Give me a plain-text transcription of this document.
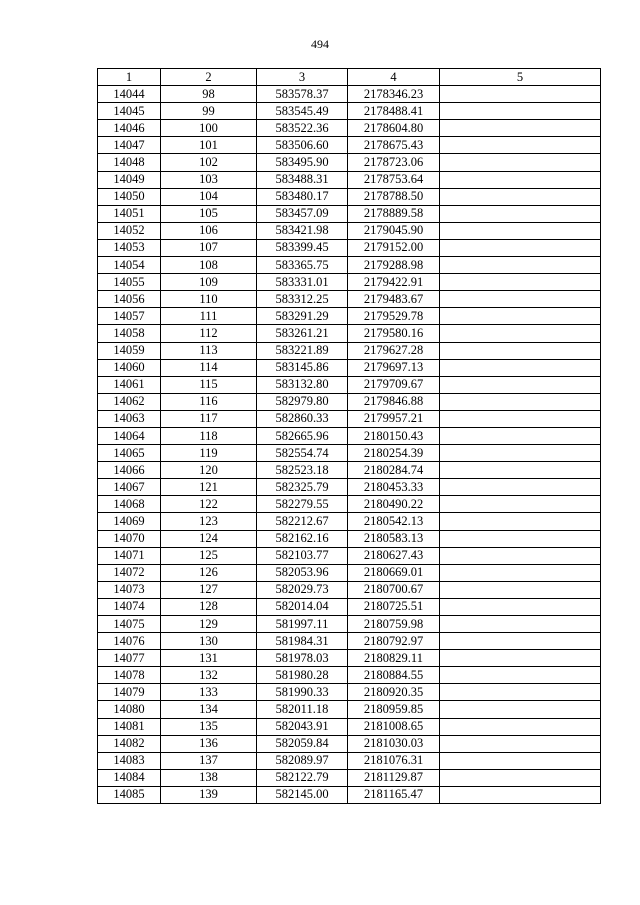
494
1	2	3	4	5
14044	98	583578.37	2178346.23	
14045	99	583545.49	2178488.41	
14046	100	583522.36	2178604.80	
14047	101	583506.60	2178675.43	
14048	102	583495.90	2178723.06	
14049	103	583488.31	2178753.64	
14050	104	583480.17	2178788.50	
14051	105	583457.09	2178889.58	
14052	106	583421.98	2179045.90	
14053	107	583399.45	2179152.00	
14054	108	583365.75	2179288.98	
14055	109	583331.01	2179422.91	
14056	110	583312.25	2179483.67	
14057	111	583291.29	2179529.78	
14058	112	583261.21	2179580.16	
14059	113	583221.89	2179627.28	
14060	114	583145.86	2179697.13	
14061	115	583132.80	2179709.67	
14062	116	582979.80	2179846.88	
14063	117	582860.33	2179957.21	
14064	118	582665.96	2180150.43	
14065	119	582554.74	2180254.39	
14066	120	582523.18	2180284.74	
14067	121	582325.79	2180453.33	
14068	122	582279.55	2180490.22	
14069	123	582212.67	2180542.13	
14070	124	582162.16	2180583.13	
14071	125	582103.77	2180627.43	
14072	126	582053.96	2180669.01	
14073	127	582029.73	2180700.67	
14074	128	582014.04	2180725.51	
14075	129	581997.11	2180759.98	
14076	130	581984.31	2180792.97	
14077	131	581978.03	2180829.11	
14078	132	581980.28	2180884.55	
14079	133	581990.33	2180920.35	
14080	134	582011.18	2180959.85	
14081	135	582043.91	2181008.65	
14082	136	582059.84	2181030.03	
14083	137	582089.97	2181076.31	
14084	138	582122.79	2181129.87	
14085	139	582145.00	2181165.47	
